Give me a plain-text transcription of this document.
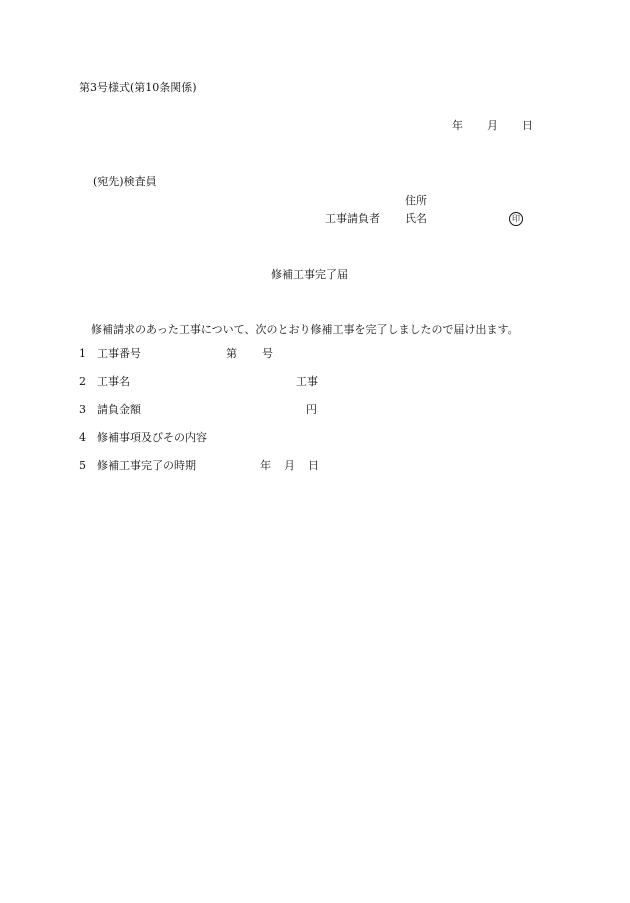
第3号様式(第10条関係)
年 月 日
(宛先)検査員
住所
工事請負者 氏名	印
修補工事完了届
修補請求のあった工事について、次のとおり修補工事を完了しましたので届け出ます。
1 工事番号	第 号
2 工事名	工事
3 請負金額	円
4 修補事項及びその内容
5 修補工事完了の時期	年 月 日
